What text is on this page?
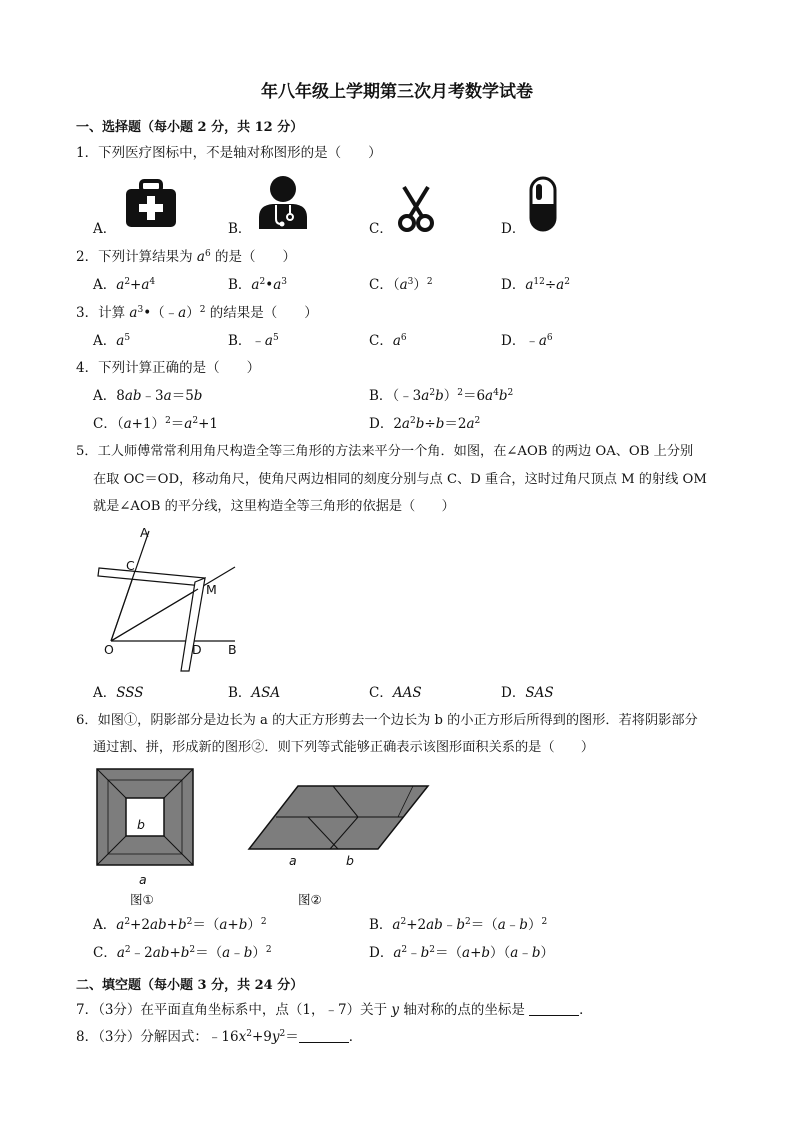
年八年级上学期第三次月考数学试卷
一、选择题（每小题 2 分，共 12 分）
1．下列医疗图标中，不是轴对称图形的是（　　）
A．	B．	C．	D．
2．下列计算结果为 $a^6$ 的是（　　）
A．$a^2+a^4$	B．$a^2•a^3$	C．$(a^3)^2$	D．$a^{12}\div a^2$
3．计算 $a^3•(﹣a)^2$ 的结果是（　　）
A．$a^5$	B．$﹣a^5$	C．$a^6$	D．$﹣a^6$
4．下列计算正确的是（　　）
A．8ab﹣3a＝5b	B．$(﹣3a^2b)^2=6a^4b^2$
C．$(a+1)^2=a^2+1$	D．$2a^2b\div b=2a^2$
5．工人师傅常常利用角尺构造全等三角形的方法来平分一个角．如图，在∠AOB 的两边 OA、OB 上分别
在取 OC＝OD，移动角尺，使角尺两边相同的刻度分别与点 C、D 重合，这时过角尺顶点 M 的射线 OM
就是∠AOB 的平分线，这里构造全等三角形的依据是（　　）
A
C
M
O	D B
A．SSS	B．ASA	C．AAS	D．SAS
6．如图①，阴影部分是边长为 a 的大正方形剪去一个边长为 b 的小正方形后所得到的图形．若将阴影部分
通过割、拼，形成新的图形②．则下列等式能够正确表示该图形面积关系的是（　　）
b
a
图①
a	b
图②
A．$a^2+2ab+b^2=(a+b)^2$	B．$a^2+2ab﹣b^2=(a﹣b)^2$
C．$a^2﹣2ab+b^2=(a﹣b)^2$	D．$a^2﹣b^2=(a+b)(a﹣b)$
二、填空题（每小题 3 分，共 24 分）
7．（3分）在平面直角坐标系中，点（1，﹣7）关于 y 轴对称的点的坐标是	．
8．（3分）分解因式：$﹣16x^2+9y^2=$	．
